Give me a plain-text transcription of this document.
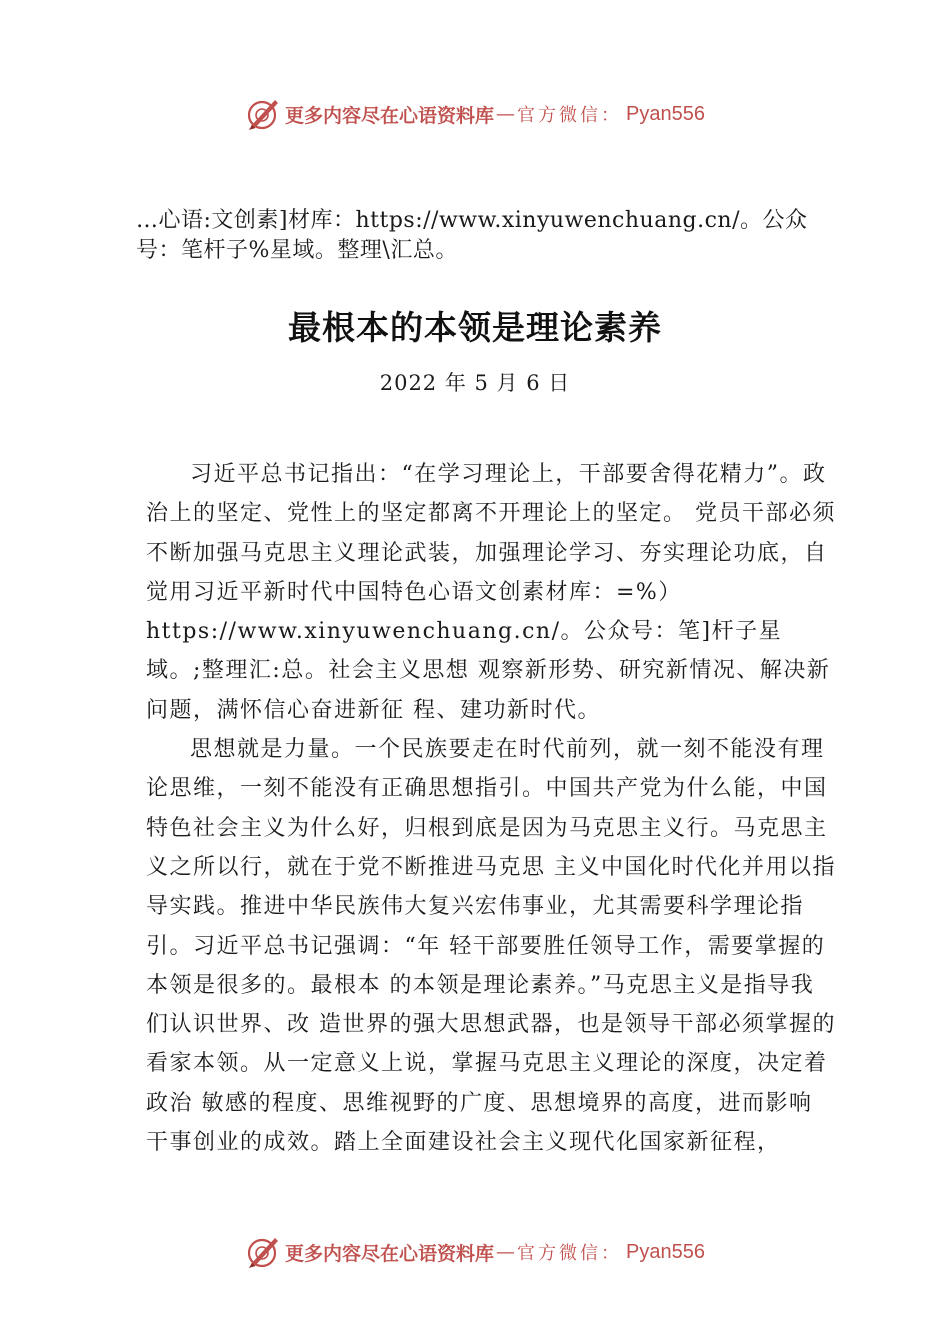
更多内容尽在心语资料库 — 官方微信： Pyan556
…心语:文创素]材库：https://www.xinyuwenchuang.cn/。公众号：笔杆子%星域。整理\汇总。
最根本的本领是理论素养
2022 年 5 月 6 日

习近平总书记指出：“在学习理论上，干部要舍得花精力”。政治上的坚定、党性上的坚定都离不开理论上的坚定。 党员干部必须不断加强马克思主义理论武装，加强理论学习、夯实理论功底，自觉用习近平新时代中国特色心语文创素材库：=%）https://www.xinyuwenchuang.cn/。公众号：笔]杆子星域。;整理汇:总。社会主义思想 观察新形势、研究新情况、解决新问题，满怀信心奋进新征 程、建功新时代。

思想就是力量。一个民族要走在时代前列，就一刻不能没有理论思维，一刻不能没有正确思想指引。中国共产党为什么能，中国特色社会主义为什么好，归根到底是因为马克思主义行。马克思主义之所以行，就在于党不断推进马克思 主义中国化时代化并用以指导实践。推进中华民族伟大复兴宏伟事业，尤其需要科学理论指引。习近平总书记强调：“年 轻干部要胜任领导工作，需要掌握的本领是很多的。最根本 的本领是理论素养。”马克思主义是指导我们认识世界、改 造世界的强大思想武器，也是领导干部必须掌握的看家本领。从一定意义上说，掌握马克思主义理论的深度，决定着政治 敏感的程度、思维视野的广度、思想境界的高度，进而影响 干事创业的成效。踏上全面建设社会主义现代化国家新征程，

更多内容尽在心语资料库 — 官方微信： Pyan556
